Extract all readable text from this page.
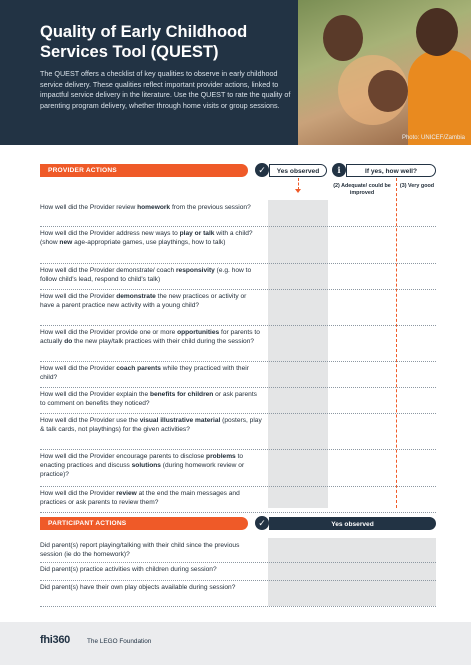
Quality of Early Childhood Services Tool (QUEST)

The QUEST offers a checklist of key qualities to observe in early childhood service delivery. These qualities reflect important provider actions, linked to impactful service delivery in the literature. Use the QUEST to rate the quality of parenting program delivery, whether through home visits or group sessions.

Photo: UNICEF/Zambia
PROVIDER ACTIONS	✓	Yes observed	i	If yes, how well?
(2) Adequate/ could be improved
(3) Very good
How well did the Provider review homework from the previous session?
How well did the Provider address new ways to play or talk with a child? (show new age-appropriate games, use playthings, how to talk)
How well did the Provider demonstrate/ coach responsivity (e.g. how to follow child's lead, respond to child's talk)
How well did the Provider demonstrate the new practices or activity or have a parent practice new activity with a young child?
How well did the Provider provide one or more opportunities for parents to actually do the new play/talk practices with their child during the session?
How well did the Provider coach parents while they practiced with their child?
How well did the Provider explain the benefits for children or ask parents to comment on benefits they noticed?
How well did the Provider use the visual illustrative material (posters, play & talk cards, not playthings) for the given activities?
How well did the Provider encourage parents to disclose problems to enacting practices and discuss solutions (during homework review or practice)?
How well did the Provider review at the end the main messages and practices or ask parents to review them?
PARTICIPANT ACTIONS	✓	Yes observed
Did parent(s) report playing/talking with their child since the previous session (ie do the homework)?
Did parent(s) practice activities with children during session?
Did parent(s) have their own play objects available during session?
fhi360	The LEGO Foundation
